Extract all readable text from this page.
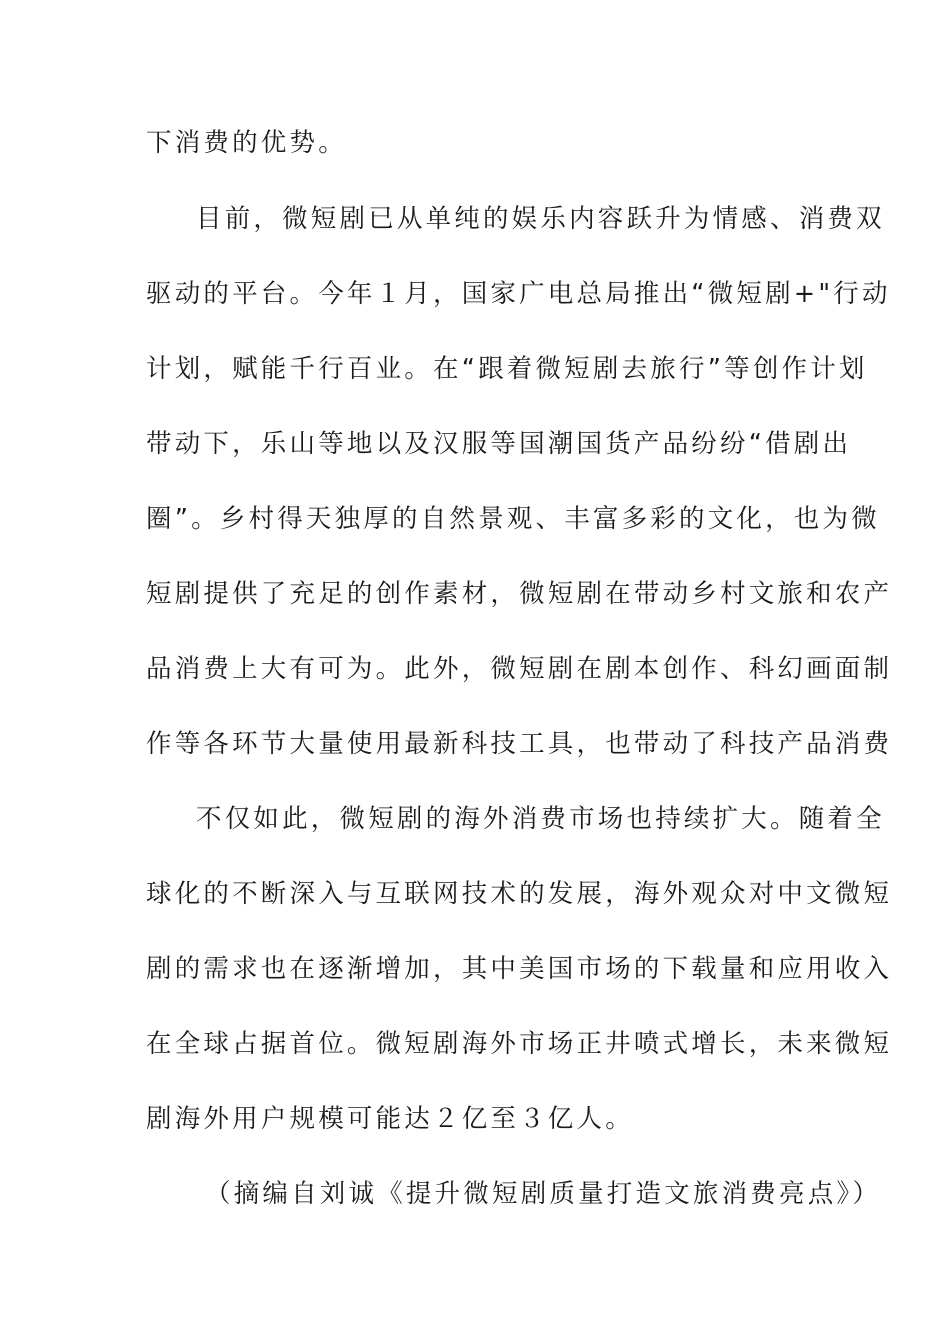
下消费的优势。
目前，微短剧已从单纯的娱乐内容跃升为情感、消费双
驱动的平台。今年１月，国家广电总局推出“微短剧+"行动
计划，赋能千行百业。在“跟着微短剧去旅行”等创作计划
带动下，乐山等地以及汉服等国潮国货产品纷纷“借剧出
圈”。乡村得天独厚的自然景观、丰富多彩的文化，也为微
短剧提供了充足的创作素材，微短剧在带动乡村文旅和农产
品消费上大有可为。此外，微短剧在剧本创作、科幻画面制
作等各环节大量使用最新科技工具，也带动了科技产品消费
不仅如此，微短剧的海外消费市场也持续扩大。随着全
球化的不断深入与互联网技术的发展，海外观众对中文微短
剧的需求也在逐渐增加，其中美国市场的下载量和应用收入
在全球占据首位。微短剧海外市场正井喷式增长，未来微短
剧海外用户规模可能达２亿至３亿人。
（摘编自刘诚《提升微短剧质量打造文旅消费亮点》）
